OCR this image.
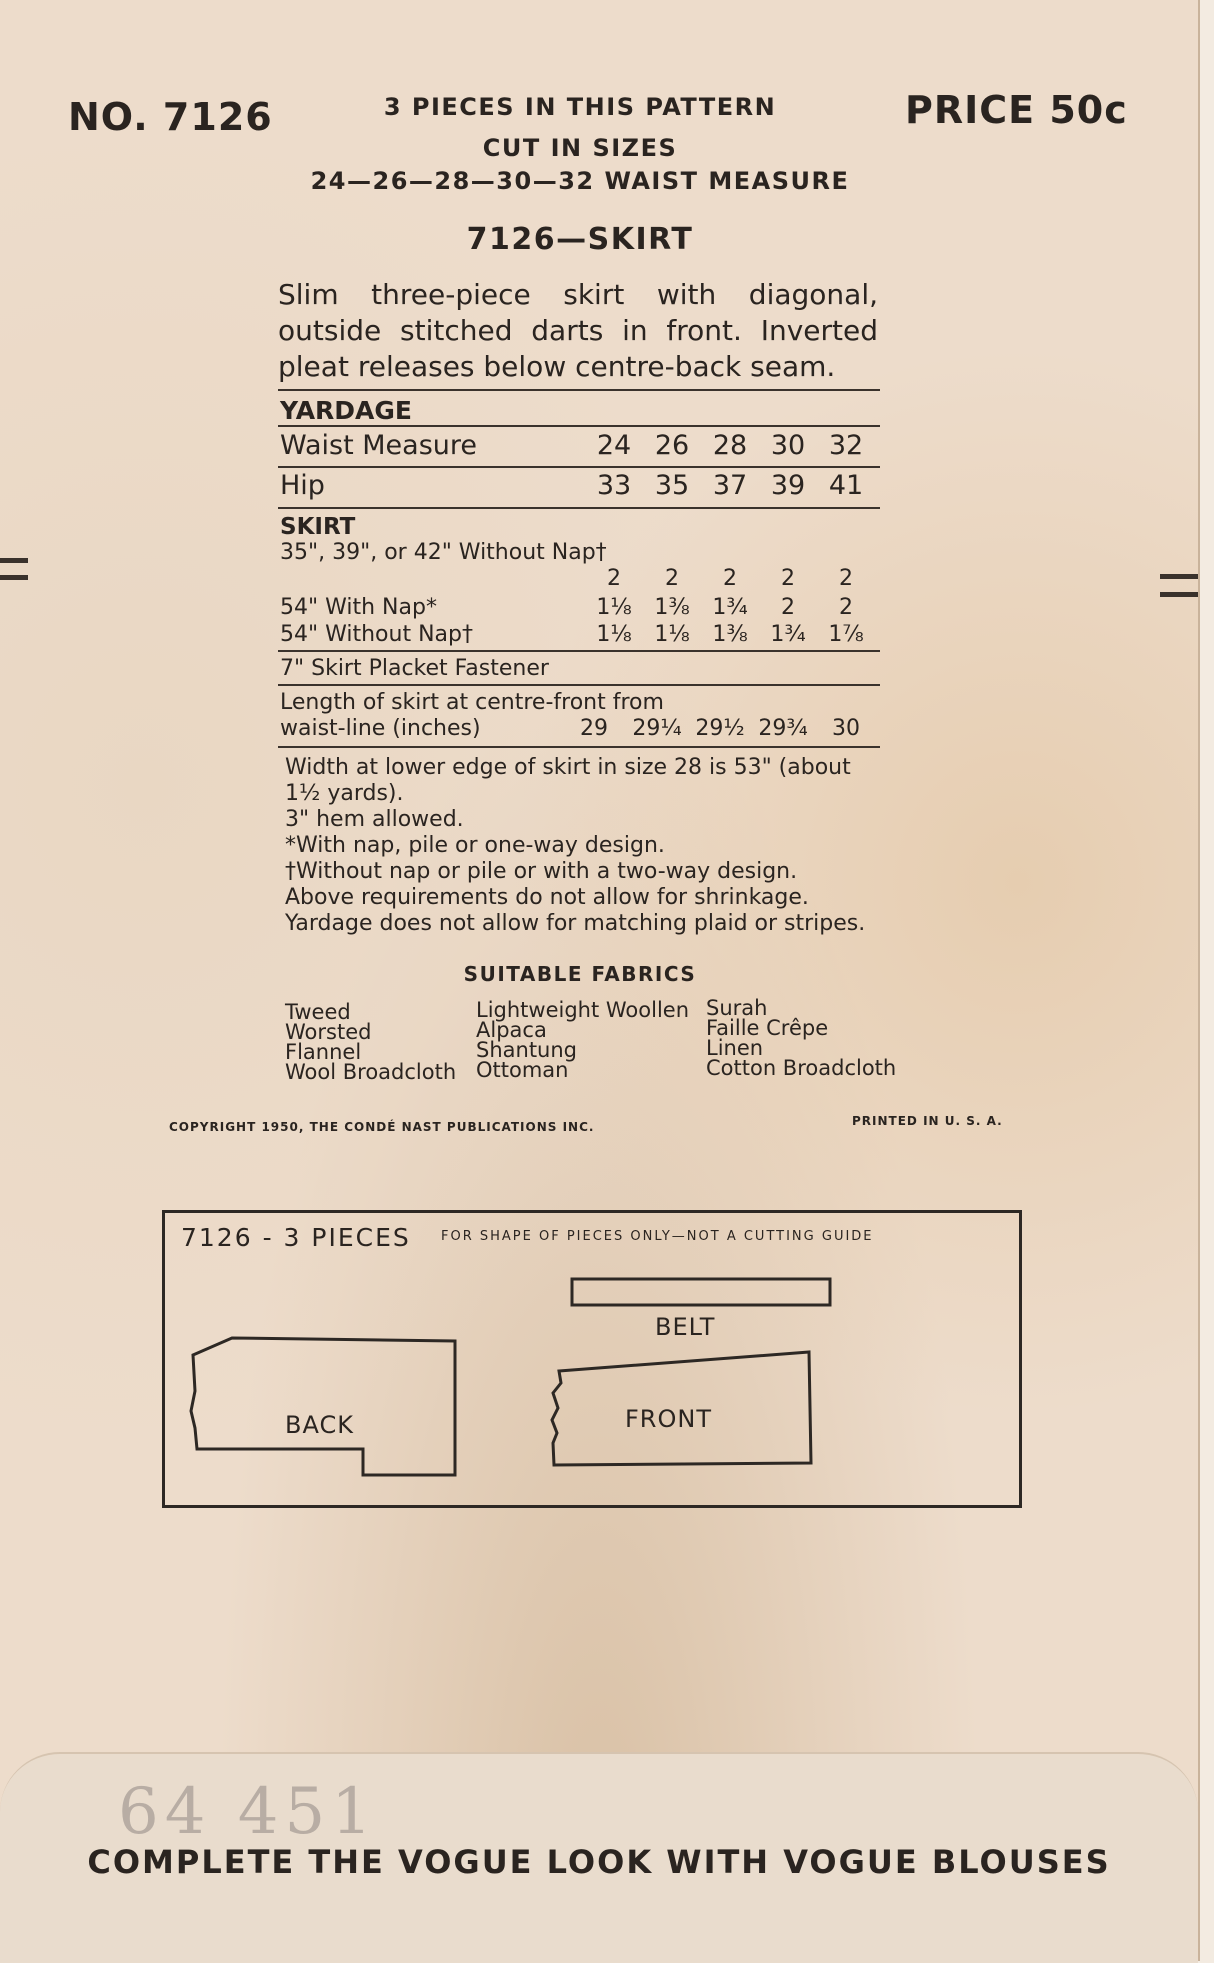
NO. 7126	PRICE 50c
3 PIECES IN THIS PATTERN
CUT IN SIZES
24—26—28—30—32 WAIST MEASURE
7126—SKIRT
Slim three-piece skirt with diagonal, outside stitched darts in front. Inverted pleat releases below centre-back seam.
YARDAGE
Waist Measure	24 26 28 30 32
Hip	33 35 37 39 41
SKIRT
35", 39", or 42" Without Nap†
2	2	2	2	2
54" With Nap*	1⅛	1⅜	1¾	2	2
54" Without Nap†	1⅛	1⅛	1⅜	1¾	1⅞
7" Skirt Placket Fastener
Length of skirt at centre-front from
waist-line (inches)	29	29¼ 29½ 29¾	30
Width at lower edge of skirt in size 28 is 53" (about
1½ yards).
3" hem allowed.
*With nap, pile or one-way design.
†Without nap or pile or with a two-way design.
Above requirements do not allow for shrinkage.
Yardage does not allow for matching plaid or stripes.
SUITABLE FABRICS
Tweed
Worsted
Flannel
Wool Broadcloth
Lightweight Woollen
Alpaca
Shantung
Ottoman
Surah
Faille Crêpe
Linen
Cotton Broadcloth
COPYRIGHT 1950, THE CONDÉ NAST PUBLICATIONS INC.	PRINTED IN U. S. A.
7126 - 3 PIECES FOR SHAPE OF PIECES ONLY—NOT A CUTTING GUIDE
BELT
BACK	FRONT
64 451
COMPLETE THE VOGUE LOOK WITH VOGUE BLOUSES
